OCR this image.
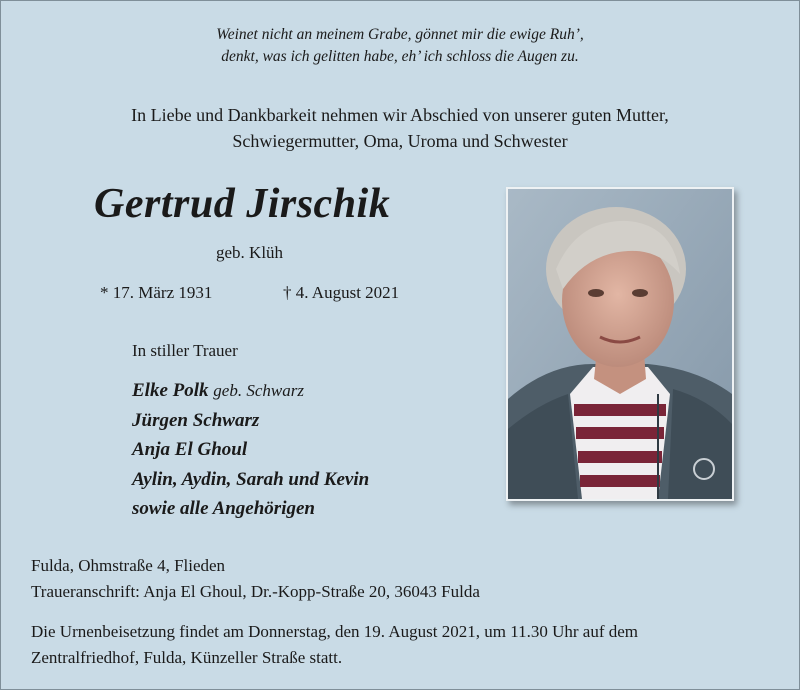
Weinet nicht an meinem Grabe, gönnet mir die ewige Ruh’,
denkt, was ich gelitten habe, eh’ ich schloss die Augen zu.
In Liebe und Dankbarkeit nehmen wir Abschied von unserer guten Mutter,
Schwiegermutter, Oma, Uroma und Schwester
Gertrud Jirschik
geb. Klüh
* 17. März 1931	† 4. August 2021
In stiller Trauer
Elke Polk geb. Schwarz
Jürgen Schwarz
Anja El Ghoul
Aylin, Aydin, Sarah und Kevin
sowie alle Angehörigen
Fulda, Ohmstraße 4, Flieden
Traueranschrift: Anja El Ghoul, Dr.-Kopp-Straße 20, 36043 Fulda
Die Urnenbeisetzung findet am Donnerstag, den 19. August 2021, um 11.30 Uhr auf dem
Zentralfriedhof, Fulda, Künzeller Straße statt.
